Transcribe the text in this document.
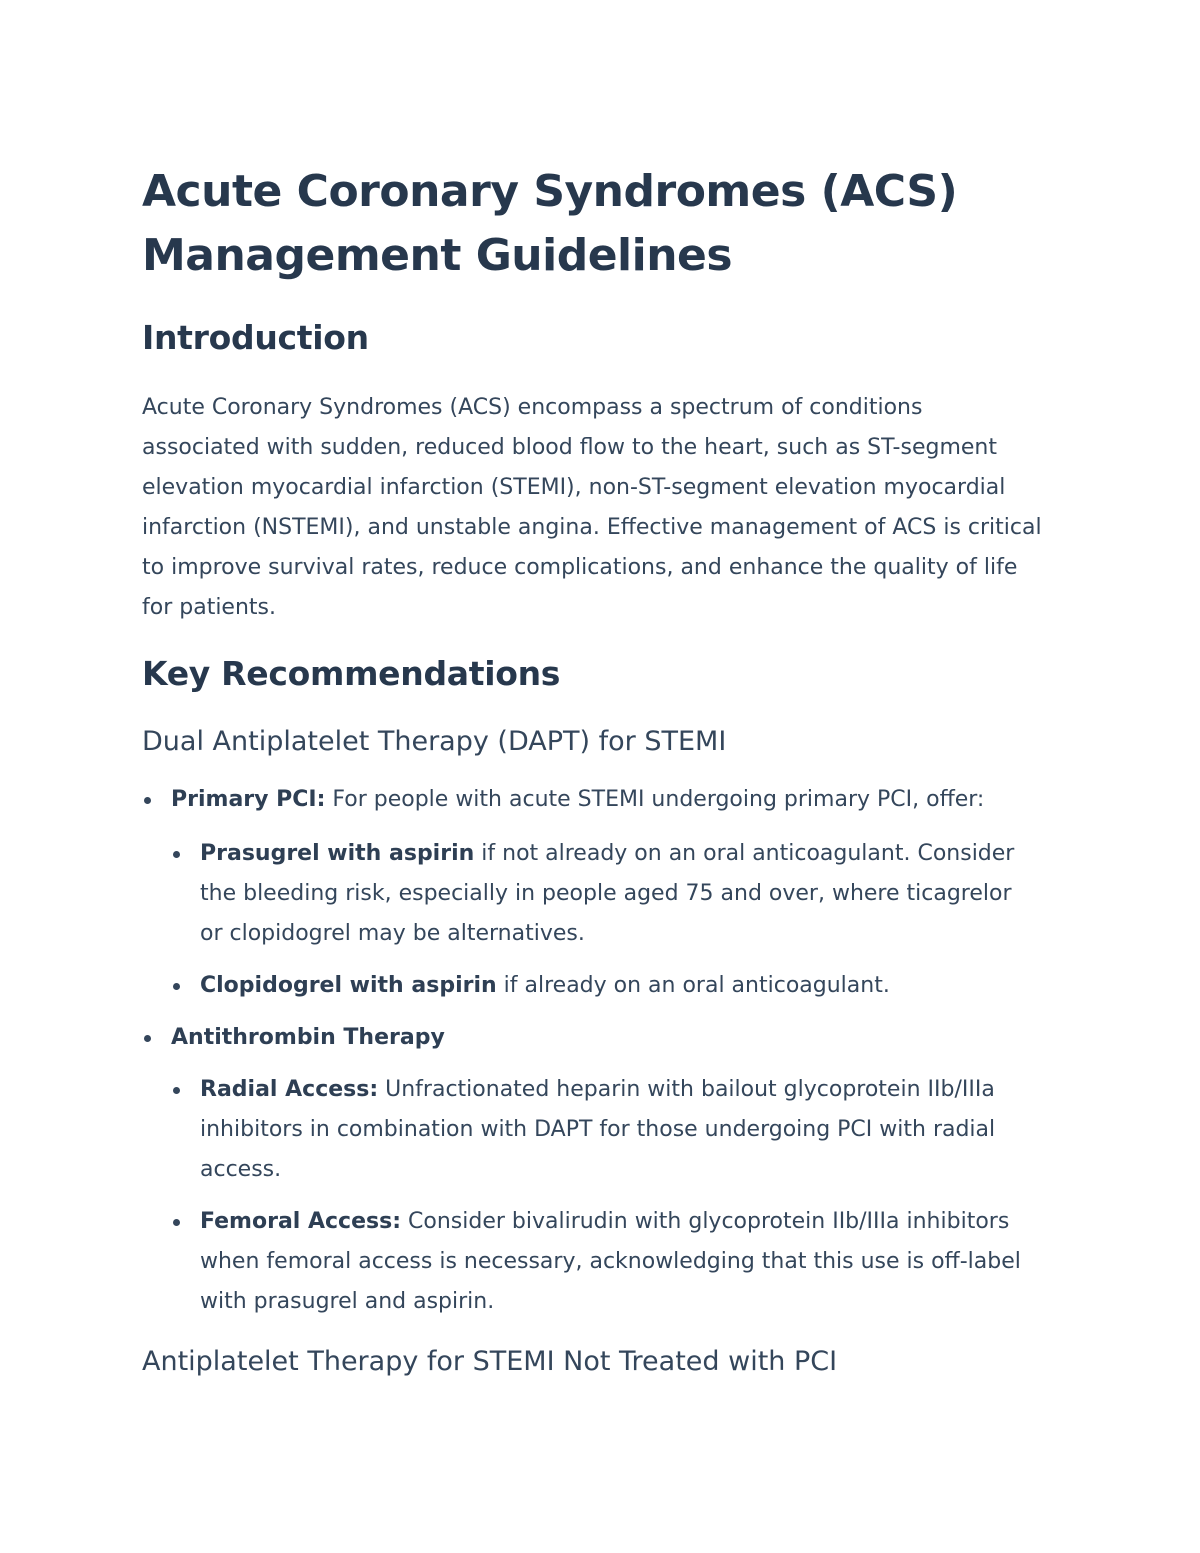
Acute Coronary Syndromes (ACS) Management Guidelines
Introduction

Acute Coronary Syndromes (ACS) encompass a spectrum of conditions associated with sudden, reduced blood flow to the heart, such as ST-segment elevation myocardial infarction (STEMI), non-ST-segment elevation myocardial infarction (NSTEMI), and unstable angina. Effective management of ACS is critical to improve survival rates, reduce complications, and enhance the quality of life for patients.

Key Recommendations
Dual Antiplatelet Therapy (DAPT) for STEMI
Primary PCI: For people with acute STEMI undergoing primary PCI, offer:
Prasugrel with aspirin if not already on an oral anticoagulant. Consider the bleeding risk, especially in people aged 75 and over, where ticagrelor or clopidogrel may be alternatives.
Clopidogrel with aspirin if already on an oral anticoagulant.
Antithrombin Therapy
Radial Access: Unfractionated heparin with bailout glycoprotein IIb/IIIa inhibitors in combination with DAPT for those undergoing PCI with radial access.
Femoral Access: Consider bivalirudin with glycoprotein IIb/IIIa inhibitors when femoral access is necessary, acknowledging that this use is off-label with prasugrel and aspirin.
Antiplatelet Therapy for STEMI Not Treated with PCI
